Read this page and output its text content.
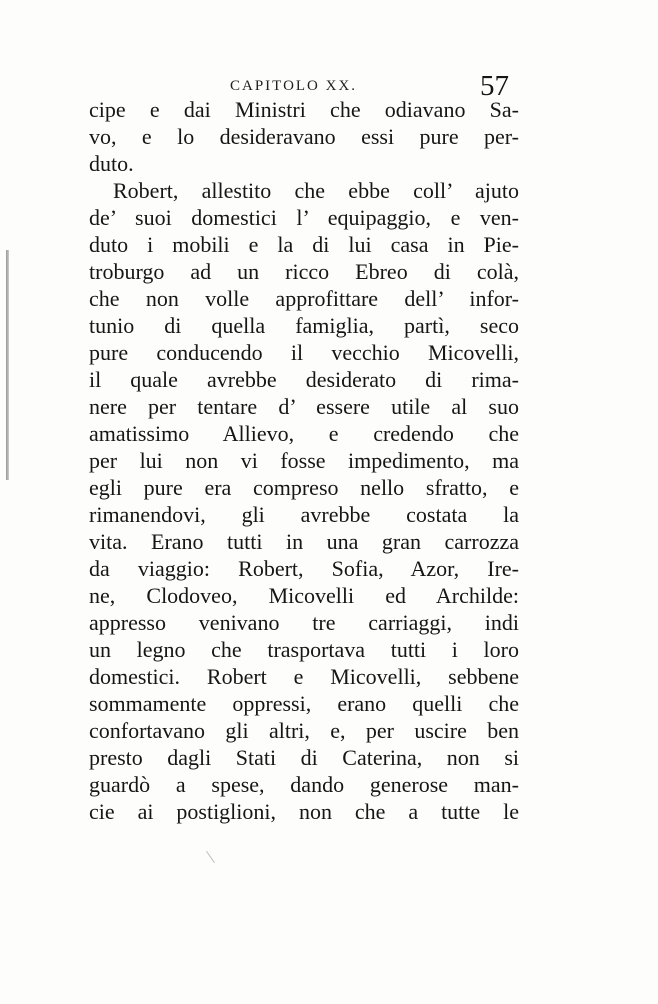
CAPITOLO XX.	57
cipe e dai Ministri che odiavano Sa-
vo, e lo desideravano essi pure per-
duto.
Robert, allestito che ebbe coll’ ajuto
de’ suoi domestici l’ equipaggio, e ven-
duto i mobili e la di lui casa in Pie-
troburgo ad un ricco Ebreo di colà,
che non volle approfittare dell’ infor-
tunio di quella famiglia, partì, seco
pure conducendo il vecchio Micovelli,
il quale avrebbe desiderato di rima-
nere per tentare d’ essere utile al suo
amatissimo Allievo, e credendo che
per lui non vi fosse impedimento, ma
egli pure era compreso nello sfratto, e
rimanendovi, gli avrebbe costata la
vita. Erano tutti in una gran carrozza
da viaggio: Robert, Sofia, Azor, Ire-
ne, Clodoveo, Micovelli ed Archilde:
appresso venivano tre carriaggi, indi
un legno che trasportava tutti i loro
domestici. Robert e Micovelli, sebbene
sommamente oppressi, erano quelli che
confortavano gli altri, e, per uscire ben
presto dagli Stati di Caterina, non si
guardò a spese, dando generose man-
cie ai postiglioni, non che a tutte le
